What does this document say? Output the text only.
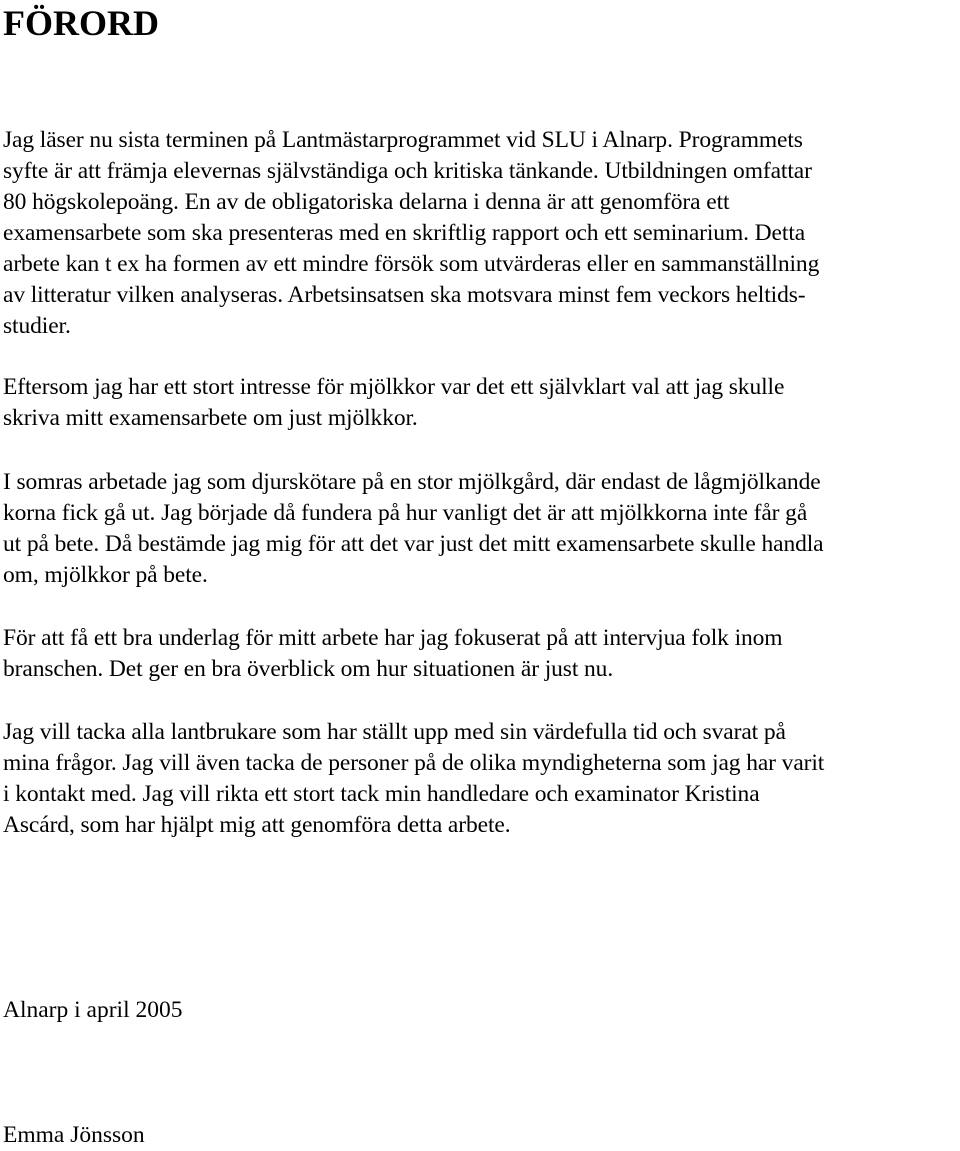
FÖRORD

Jag läser nu sista terminen på Lantmästarprogrammet vid SLU i Alnarp. Programmets
syfte är att främja elevernas självständiga och kritiska tänkande. Utbildningen omfattar
80 högskolepoäng. En av de obligatoriska delarna i denna är att genomföra ett
examensarbete som ska presenteras med en skriftlig rapport och ett seminarium. Detta
arbete kan t ex ha formen av ett mindre försök som utvärderas eller en sammanställning
av litteratur vilken analyseras. Arbetsinsatsen ska motsvara minst fem veckors heltids-
studier.

Eftersom jag har ett stort intresse för mjölkkor var det ett självklart val att jag skulle
skriva mitt examensarbete om just mjölkkor.

I somras arbetade jag som djurskötare på en stor mjölkgård, där endast de lågmjölkande
korna fick gå ut. Jag började då fundera på hur vanligt det är att mjölkkorna inte får gå
ut på bete. Då bestämde jag mig för att det var just det mitt examensarbete skulle handla
om, mjölkkor på bete.

För att få ett bra underlag för mitt arbete har jag fokuserat på att intervjua folk inom
branschen. Det ger en bra överblick om hur situationen är just nu.

Jag vill tacka alla lantbrukare som har ställt upp med sin värdefulla tid och svarat på
mina frågor. Jag vill även tacka de personer på de olika myndigheterna som jag har varit
i kontakt med. Jag vill rikta ett stort tack min handledare och examinator Kristina
Ascárd, som har hjälpt mig att genomföra detta arbete.

Alnarp i april 2005

Emma Jönsson
